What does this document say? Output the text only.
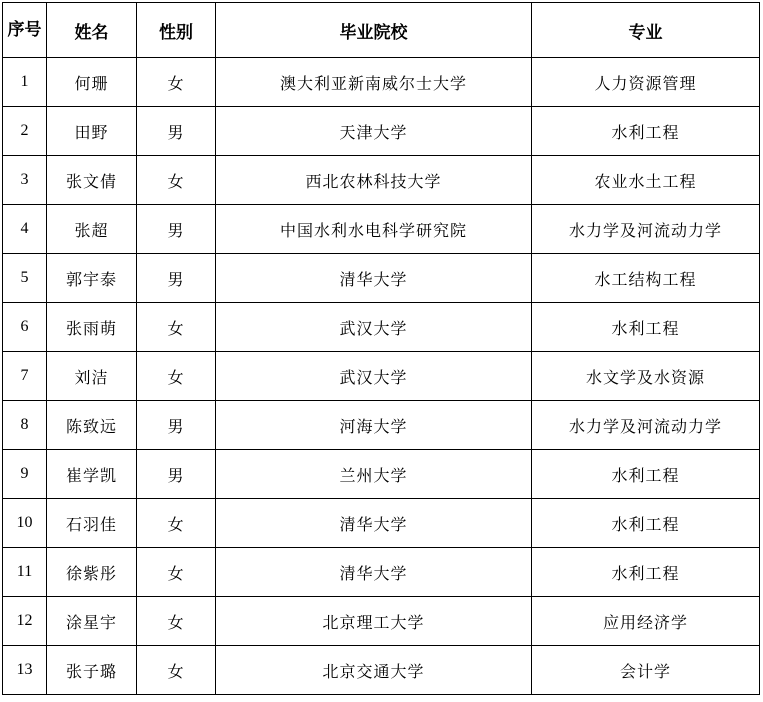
序号	姓名	性别	毕业院校	专业
1	何珊	女	澳大利亚新南威尔士大学	人力资源管理
2	田野	男	天津大学	水利工程
3	张文倩	女	西北农林科技大学	农业水土工程
4	张超	男	中国水利水电科学研究院	水力学及河流动力学
5	郭宇泰	男	清华大学	水工结构工程
6	张雨萌	女	武汉大学	水利工程
7	刘洁	女	武汉大学	水文学及水资源
8	陈致远	男	河海大学	水力学及河流动力学
9	崔学凯	男	兰州大学	水利工程
10	石羽佳	女	清华大学	水利工程
11	徐紫彤	女	清华大学	水利工程
12	涂星宇	女	北京理工大学	应用经济学
13	张子璐	女	北京交通大学	会计学
